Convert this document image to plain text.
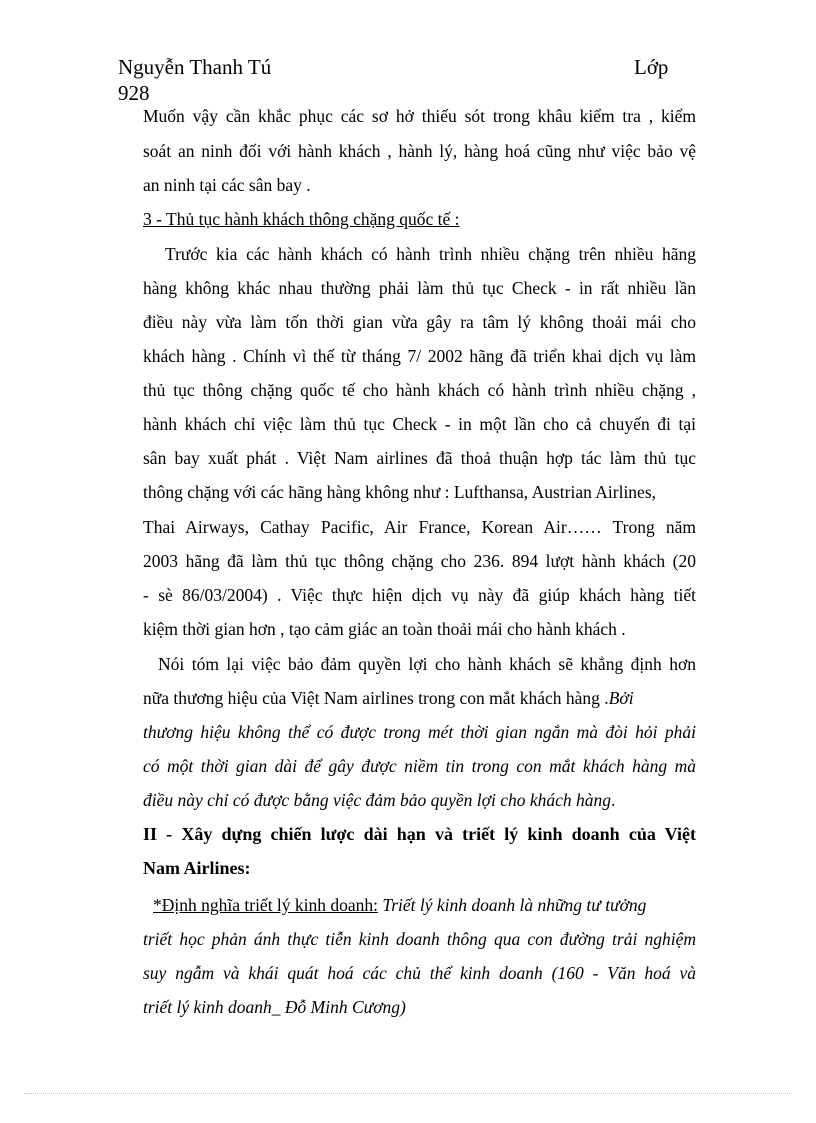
Nguyễn Thanh Tú	Lớp
928
Muốn vậy cần khắc phục các sơ hở thiếu sót trong khâu kiểm tra , kiểm
soát an ninh đối với hành khách , hành lý, hàng hoá cũng như việc bảo vệ
an ninh tại các sân bay .
3 - Thủ tục hành khách thông chặng quốc tế :
Trước kia các hành khách có hành trình nhiều chặng trên nhiều hãng
hàng không khác nhau thường phải làm thủ tục Check - in rất nhiều lần
điều này vừa làm tốn thời gian vừa gây ra tâm lý không thoải mái cho
khách hàng . Chính vì thế từ tháng 7/ 2002 hãng đã triển khai dịch vụ làm
thủ tục thông chặng quốc tế cho hành khách có hành trình nhiều chặng ,
hành khách chỉ việc làm thủ tục Check - in một lần cho cả chuyến đi tại
sân bay xuất phát . Việt Nam airlines đã thoả thuận hợp tác làm thủ tục
thông chặng với các hãng hàng không như : Lufthansa, Austrian Airlines,
Thai Airways, Cathay Pacific, Air France, Korean Air…… Trong năm
2003 hãng đã làm thủ tục thông chặng cho 236. 894 lượt hành khách (20
- sè 86/03/2004) . Việc thực hiện dịch vụ này đã giúp khách hàng tiết
kiệm thời gian hơn , tạo cảm giác an toàn thoải mái cho hành khách .
Nói tóm lại việc bảo đảm quyền lợi cho hành khách sẽ khẳng định hơn
nữa thương hiệu của Việt Nam airlines trong con mắt khách hàng .Bởi
thương hiệu không thể có được trong mét thời gian ngắn mà đòi hỏi phải
có một thời gian dài để gây được niềm tin trong con mắt khách hàng mà
điều này chỉ có được bằng việc đảm bảo quyền lợi cho khách hàng.
II - Xây dựng chiến lược dài hạn và triết lý kinh doanh của Việt
Nam Airlines:
*Định nghĩa triết lý kinh doanh: Triết lý kinh doanh là những tư tưởng
triết học phản ánh thực tiễn kinh doanh thông qua con đường trải nghiệm
suy ngẫm và khái quát hoá các chủ thể kinh doanh (160 - Văn hoá và
triết lý kinh doanh_ Đỗ Minh Cương)
